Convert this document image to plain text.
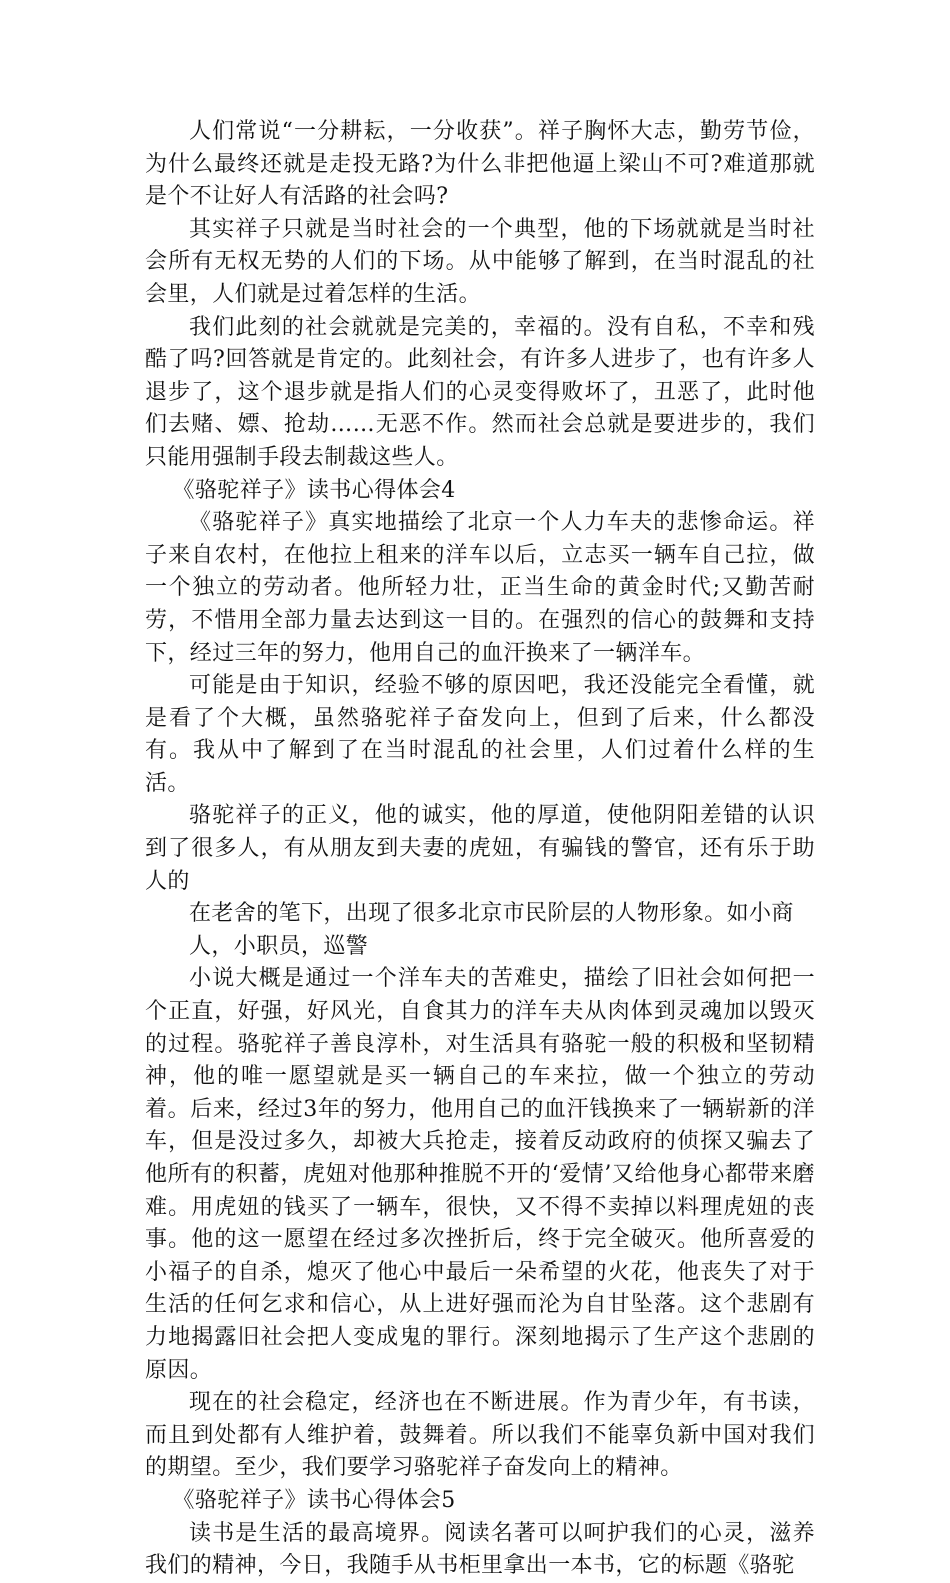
人们常说“一分耕耘，一分收获”。祥子胸怀大志，勤劳节俭，为什么最终还就是走投无路?为什么非把他逼上梁山不可?难道那就是个不让好人有活路的社会吗?

其实祥子只就是当时社会的一个典型，他的下场就就是当时社会所有无权无势的人们的下场。从中能够了解到，在当时混乱的社会里，人们就是过着怎样的生活。

我们此刻的社会就就是完美的，幸福的。没有自私，不幸和残酷了吗?回答就是肯定的。此刻社会，有许多人进步了，也有许多人退步了，这个退步就是指人们的心灵变得败坏了，丑恶了，此时他们去赌、嫖、抢劫……无恶不作。然而社会总就是要进步的，我们只能用强制手段去制裁这些人。

《骆驼祥子》读书心得体会4

《骆驼祥子》真实地描绘了北京一个人力车夫的悲惨命运。祥子来自农村，在他拉上租来的洋车以后，立志买一辆车自己拉，做一个独立的劳动者。他所轻力壮，正当生命的黄金时代;又勤苦耐劳，不惜用全部力量去达到这一目的。在强烈的信心的鼓舞和支持下，经过三年的努力，他用自己的血汗换来了一辆洋车。

可能是由于知识，经验不够的原因吧，我还没能完全看懂，就是看了个大概，虽然骆驼祥子奋发向上，但到了后来，什么都没有。我从中了解到了在当时混乱的社会里，人们过着什么样的生活。

骆驼祥子的正义，他的诚实，他的厚道，使他阴阳差错的认识到了很多人，有从朋友到夫妻的虎妞，有骗钱的警官，还有乐于助人的

在老舍的笔下，出现了很多北京市民阶层的人物形象。如小商人，小职员，巡警

小说大概是通过一个洋车夫的苦难史，描绘了旧社会如何把一个正直，好强，好风光，自食其力的洋车夫从肉体到灵魂加以毁灭的过程。骆驼祥子善良淳朴，对生活具有骆驼一般的积极和坚韧精神，他的唯一愿望就是买一辆自己的车来拉，做一个独立的劳动着。后来，经过3年的努力，他用自己的血汗钱换来了一辆崭新的洋车，但是没过多久，却被大兵抢走，接着反动政府的侦探又骗去了他所有的积蓄，虎妞对他那种推脱不开的‘爱情’又给他身心都带来磨难。用虎妞的钱买了一辆车，很快，又不得不卖掉以料理虎妞的丧事。他的这一愿望在经过多次挫折后，终于完全破灭。他所喜爱的小福子的自杀，熄灭了他心中最后一朵希望的火花，他丧失了对于生活的任何乞求和信心，从上进好强而沦为自甘坠落。这个悲剧有力地揭露旧社会把人变成鬼的罪行。深刻地揭示了生产这个悲剧的原因。

现在的社会稳定，经济也在不断进展。作为青少年，有书读，而且到处都有人维护着，鼓舞着。所以我们不能辜负新中国对我们的期望。至少，我们要学习骆驼祥子奋发向上的精神。

《骆驼祥子》读书心得体会5

读书是生活的最高境界。阅读名著可以呵护我们的心灵，滋养我们的精神，今日，我随手从书柜里拿出一本书，它的标题《骆驼
